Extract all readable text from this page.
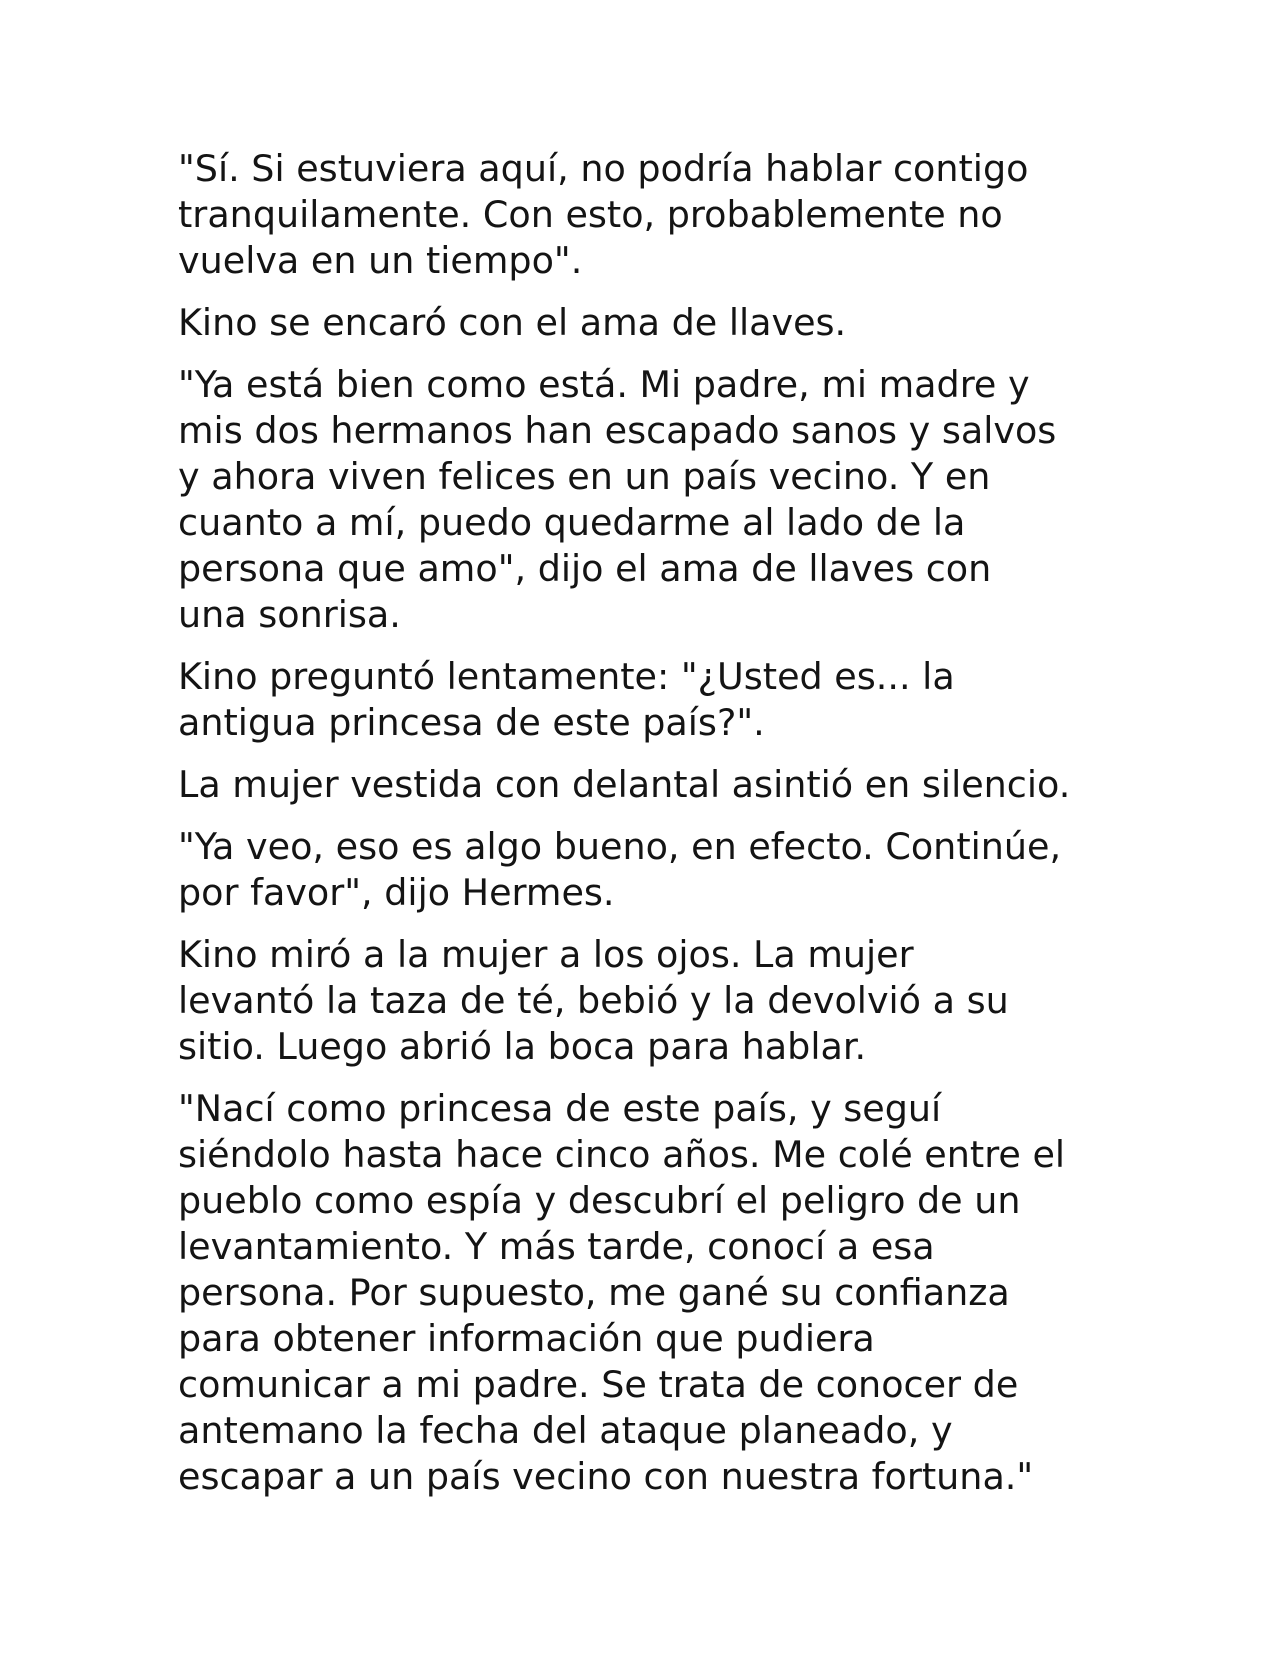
"Sí. Si estuviera aquí, no podría hablar contigo
tranquilamente. Con esto, probablemente no
vuelva en un tiempo".

Kino se encaró con el ama de llaves.

"Ya está bien como está. Mi padre, mi madre y
mis dos hermanos han escapado sanos y salvos
y ahora viven felices en un país vecino. Y en
cuanto a mí, puedo quedarme al lado de la
persona que amo", dijo el ama de llaves con
una sonrisa.

Kino preguntó lentamente: "¿Usted es... la
antigua princesa de este país?".

La mujer vestida con delantal asintió en silencio.

"Ya veo, eso es algo bueno, en efecto. Continúe,
por favor", dijo Hermes.

Kino miró a la mujer a los ojos. La mujer
levantó la taza de té, bebió y la devolvió a su
sitio. Luego abrió la boca para hablar.

"Nací como princesa de este país, y seguí
siéndolo hasta hace cinco años. Me colé entre el
pueblo como espía y descubrí el peligro de un
levantamiento. Y más tarde, conocí a esa
persona. Por supuesto, me gané su confianza
para obtener información que pudiera
comunicar a mi padre. Se trata de conocer de
antemano la fecha del ataque planeado, y
escapar a un país vecino con nuestra fortuna."
